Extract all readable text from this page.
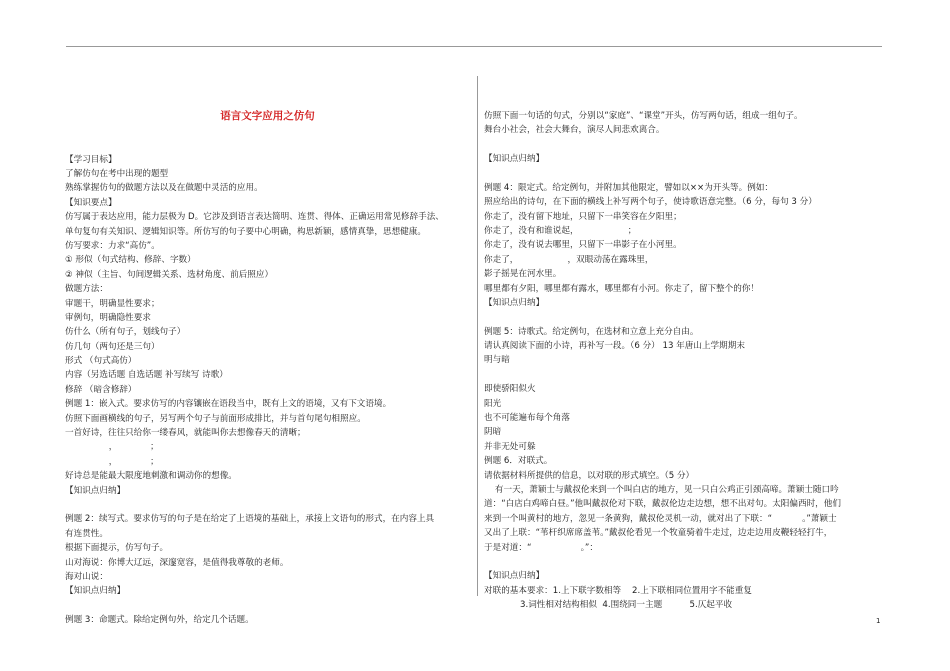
语言文字应用之仿句

【学习目标】
了解仿句在考中出现的题型
熟练掌握仿句的做题方法以及在做题中灵活的应用。
【知识要点】
仿写属于表达应用，能力层极为 D。它涉及到语言表达简明、连贯、得体、正确运用常见修辞手法、
单句复句有关知识、逻辑知识等。所仿写的句子要中心明确，构思新颖，感情真挚，思想健康。
仿写要求：力求“高仿”。
① 形似（句式结构、修辞、字数）
② 神似（主旨、句间逻辑关系、选材角度、前后照应）
做题方法：
审题干，明确显性要求；
审例句，明确隐性要求
仿什么（所有句子，划线句子）
仿几句（两句还是三句）
形式 （句式高仿）
内容（另选话题 自选话题 补写续写 诗歌）
修辞 （暗含修辞）
例题 1：嵌入式。要求仿写的内容镶嵌在语段当中，既有上文的语境，又有下文语境。
仿照下面画横线的句子，另写两个句子与前面形成排比，并与首句尾句相照应。
一首好诗，往往只给你一缕春风，就能叫你去想像春天的清晰；
，            ；
，            ；
好诗总是能最大限度地刺激和调动你的想像。
【知识点归纳】
例题 2：续写式。要求仿写的句子是在给定了上语境的基础上，承接上文语句的形式，在内容上具
有连贯性。
根据下面提示，仿写句子。
山对海说：你博大辽远，深邃宽容，是值得我尊敬的老师。
海对山说：
【知识点归纳】
例题 3：命题式。除给定例句外，给定几个话题。

仿照下面一句话的句式，分别以“家庭”、“课堂”开头，仿写两句话，组成一组句子。
舞台小社会，社会大舞台，演尽人间悲欢离合。
【知识点归纳】
例题 4：限定式。给定例句，并附加其他限定，譬如以××为开头等。例如：
照应给出的诗句，在下面的横线上补写两个句子，使诗歌语意完整。（6 分，每句 3 分）
你走了，没有留下地址，只留下一串笑容在夕阳里；
你走了，没有和谁说起，                  ；
你走了，没有说去哪里，只留下一串影子在小河里。
你走了，                  ，双眼动荡在露珠里，
影子摇晃在河水里。
哪里都有夕阳，哪里都有露水，哪里都有小河。你走了，留下整个的你！
【知识点归纳】
例题 5：诗歌式。给定例句，在选材和立意上充分自由。
请认真阅读下面的小诗，再补写一段。（6 分） 13 年唐山上学期期末
明与暗
即使骄阳似火
阳光
也不可能遍布每个角落
阴暗
并非无处可躲
例题 6．对联式。
请依据材料所提供的信息，以对联的形式填空。（5 分）
有一天，萧颖士与戴叔伦来到一个叫白店的地方，见一只白公鸡正引颈高啼。萧颖士随口吟
道：“白店白鸡啼白昼。”他叫戴叔伦对下联，戴叔伦边走边想，想不出对句。太阳偏西时，他们
来到一个叫黄村的地方，忽见一条黄狗，戴叔伦灵机一动，就对出了下联：“           。”萧颖士
又出了上联：“苇杆织席席盖苇。”戴叔伦看见一个牧童骑着牛走过，边走边用皮鞭轻轻打牛，
于是对道：“                  。”：
【知识点归纳】
对联的基本要求：1.上下联字数相等    2.上下联相同位置用字不能重复
3.词性相对结构相似  4.围绕同一主题          5.仄起平收

1
